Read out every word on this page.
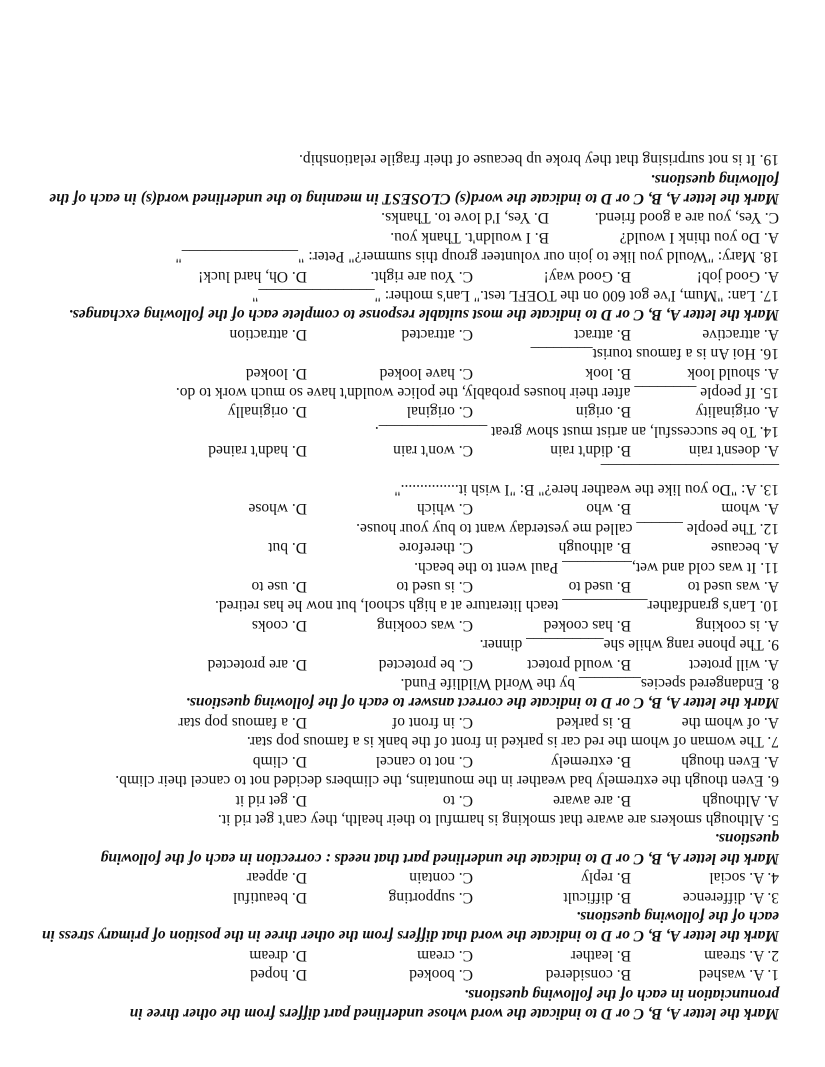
Mark the letter A, B, C or D to indicate the word whose underlined part differs from the other three in pronunciation in each of the following questions.

1. A. washed
B. considered
C. booked
D. hoped
2. A. stream
B. leather
C. cream
D. dream

Mark the letter A, B, C or D to indicate the word that differs from the other three in the position of primary stress in each of the following questions.

3. A. difference
B. difficult
C. supporting
D. beautiful
4. A. social
B. reply
C. contain
D. appear

Mark the letter A, B, C or D to indicate the underlined part that needs : correction in each of the following questions.

5. Although smokers are aware that smoking is harmful to their health, they can't get rid it.

A. Although
B. are aware
C. to
D. get rid it

6. Even though the extremely bad weather in the mountains, the climbers decided not to cancel their climb.

A. Even though
B. extremely
C. not to cancel
D. climb

7. The woman of whom the red car is parked in front of the bank is a famous pop star.

A. of whom the
B. is parked
C. in front of
D. a famous pop star

Mark the letter A, B, C or D to indicate the correct answer to each of the following questions.

8. Endangered species________ by the World Wildlife Fund.

A. will protect
B. would protect
C. be protected
D. are protected

9. The phone rang while she__________ dinner.

A. is cooking
B. has cooked
C. was cooking
D. cooks

10. Lan's grandfather___________ teach literature at a high school, but now he has retired.

A. was used to
B. used to
C. is used to
D. use to

11. It was cold and wet,_________ Paul went to the beach.

A. because
B. although
C. therefore
D. but

12. The people ______ called me yesterday want to buy your house.

A. whom
B. who
C. which
D. whose

13. A: "Do you like the weather here?" B: "I wish it..............."

_______________________

A. doesn't rain
B. didn't rain
C. won't rain
D. hadn't rained

14. To be successful, an artist must show great ______________.

A. originality
B. origin
C. original
D. originally

15. If people ________ after their houses probably, the police wouldn't have so much work to do.

A. should look
B. look
C. have looked
D. looked

16. Hoi An is a famous tourist________

A. attractive
B. attract
C. attracted
D. attraction

Mark the letter A, B, C or D to indicate the most suitable response to complete each of the following exchanges.

17. Lan: "Mum, I've got 600 on the TOEFL test." Lan's mother: "_______________"

A. Good job!
B. Good way!
C. You are right.
D. Oh, hard luck!

18. Mary: "Would you like to join our volunteer group this summer?" Peter: "_______________"

A. Do you think I would?
B. I wouldn't. Thank you.
C. Yes, you are a good friend.
D. Yes, I'd love to. Thanks.

Mark the letter A, B, C or D to indicate the word(s) CLOSEST in meaning to the underlined word(s) in each of the following questions.

19. It is not surprising that they broke up because of their fragile relationship.
